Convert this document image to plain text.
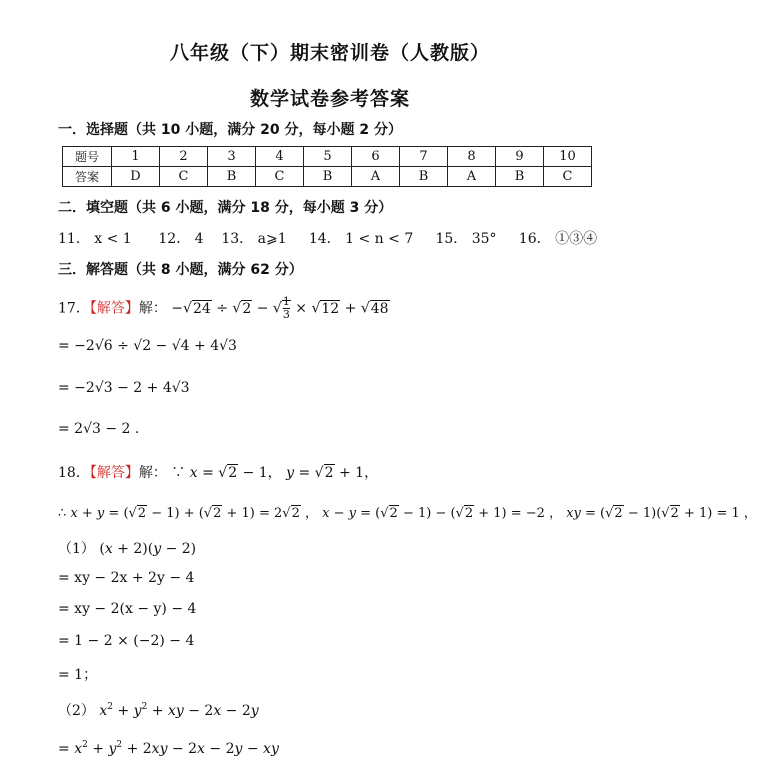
八年级（下）期末密训卷（人教版）
数学试卷参考答案
一．选择题（共 10 小题，满分 20 分，每小题 2 分）
题号	1	2	3	4	5	6	7	8	9	10
答案	D	C	B	C	B	A	B	A	B	C
二．填空题（共 6 小题，满分 18 分，每小题 3 分）
11． x < 1      12． 4    13． a⩾1     14． 1 < n < 7     15． 35°     16． ①③④
三．解答题（共 8 小题，满分 62 分）
17．【解答】解： −√24 ÷ √2 − √ $\frac{1}{3} \times √12 + √48$
= −2√6 ÷ √2 − √4 + 4√3
= −2√3 − 2 + 4√3
= 2√3 − 2 .
18．【解答】解： ∵ x = √2 − 1， y = √2 + 1，
∴ x + y = (√2 − 1) + (√2 + 1) = 2√2 ， x − y = (√2 − 1) − (√2 + 1) = −2 ， xy = (√2 − 1)(√2 + 1) = 1 ，
（1） (x + 2)(y − 2)
= xy − 2x + 2y − 4
= xy − 2(x − y) − 4
= 1 − 2 × (−2) − 4
= 1；
（2） $x^2 + y^2$ + xy − 2x − 2y
= $x^2 + y^2 + 2xy - 2x - 2y$ − xy
